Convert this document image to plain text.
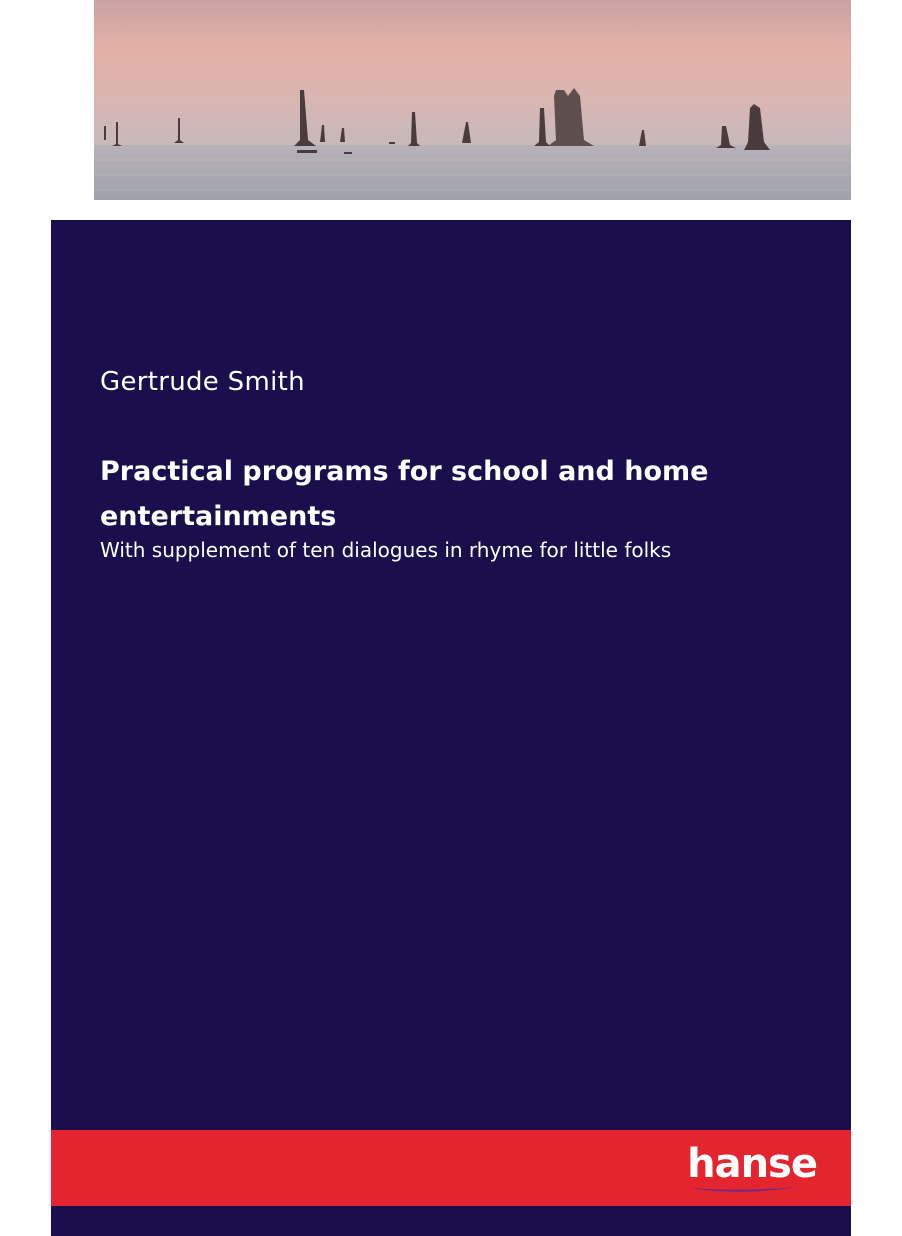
Gertrude Smith
Practical programs for school and home entertainments
With supplement of ten dialogues in rhyme for little folks
hanse
